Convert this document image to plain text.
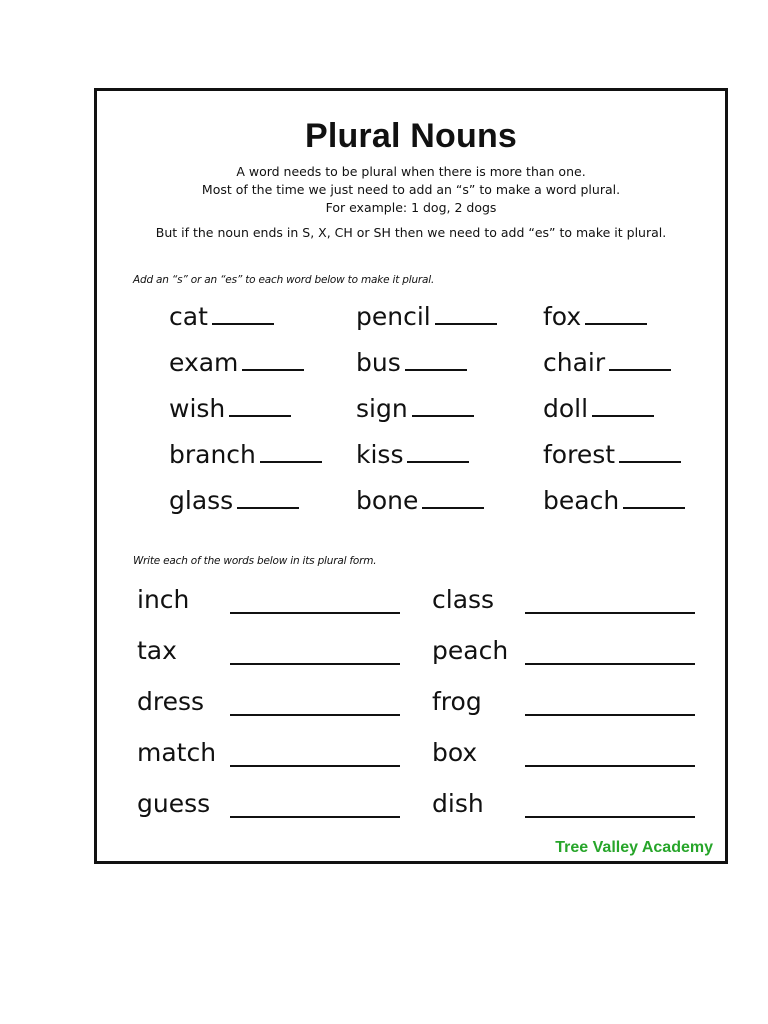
Plural Nouns
A word needs to be plural when there is more than one.
Most of the time we just need to add an “s” to make a word plural.
For example: 1 dog, 2 dogs
But if the noun ends in S, X, CH or SH then we need to add “es” to make it plural.
Add an “s” or an “es” to each word below to make it plural.
cat	pencil	fox
exam	bus	chair
wish	sign	doll
branch	kiss	forest
glass	bone	beach
Write each of the words below in its plural form.
inch	class
tax	peach
dress	frog
match	box
guess	dish
Tree Valley Academy
